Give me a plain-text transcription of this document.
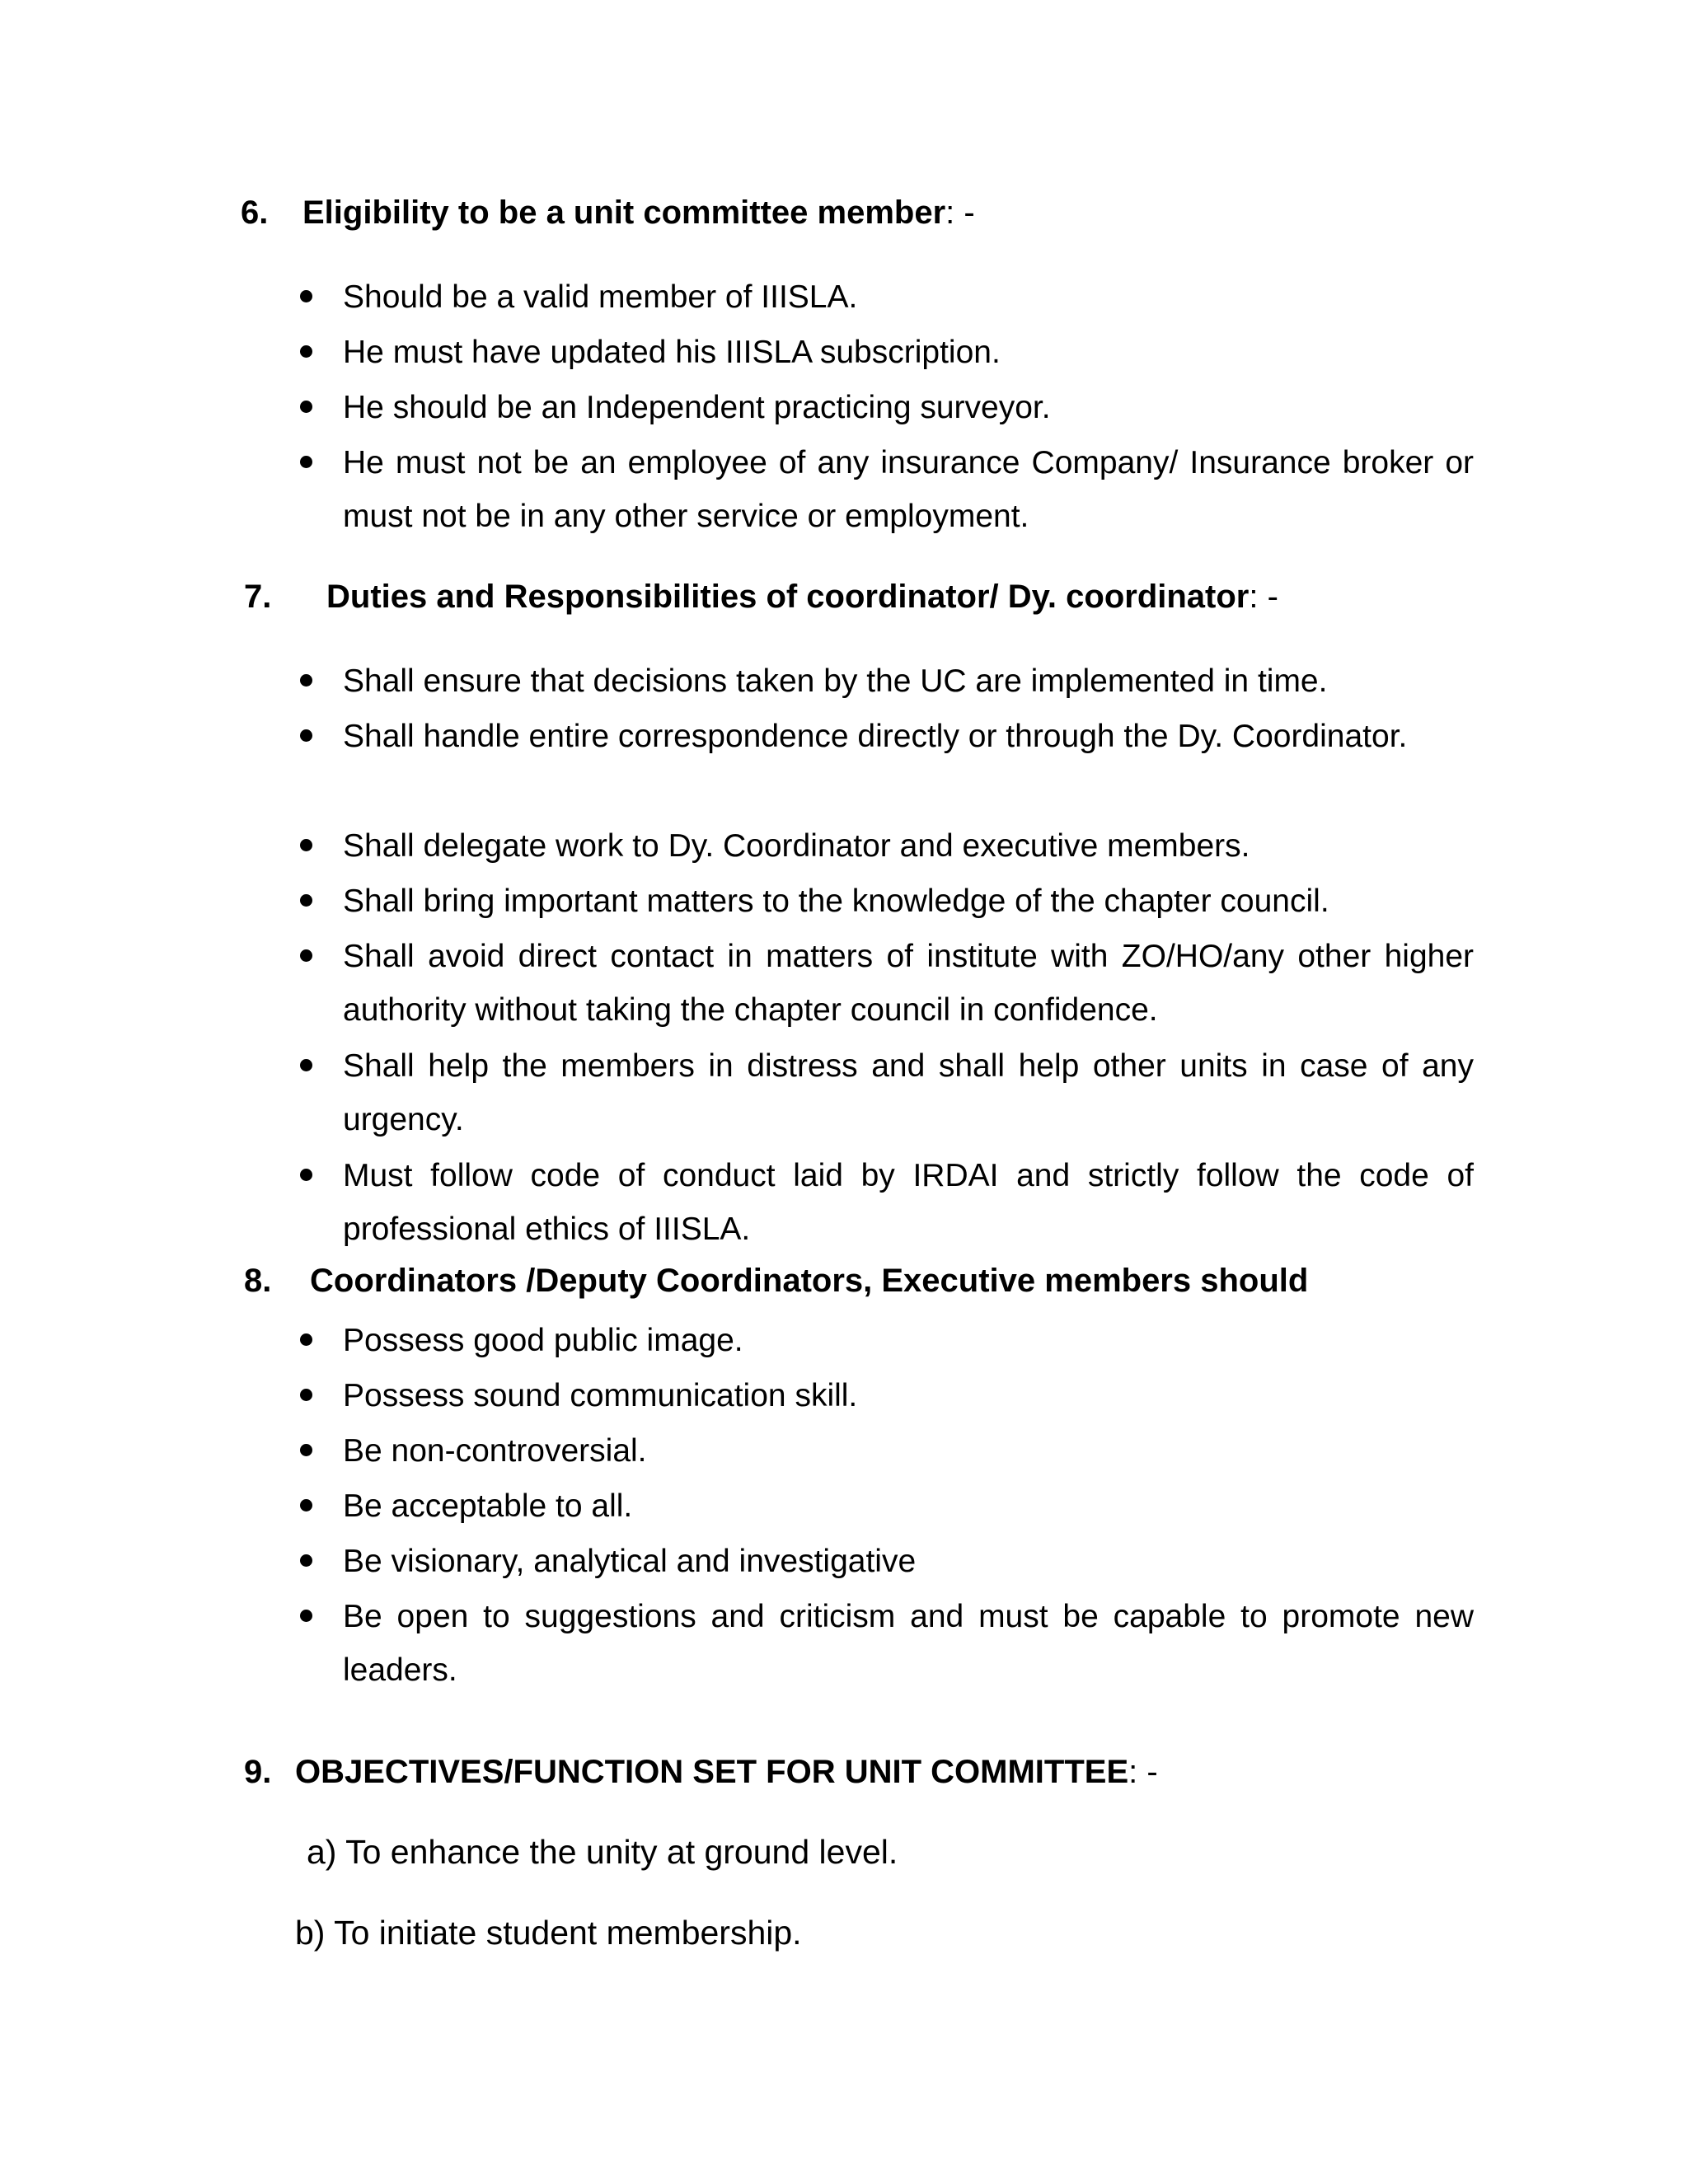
6. Eligibility to be a unit committee member: -
Should be a valid member of IIISLA.
He must have updated his IIISLA subscription.
He should be an Independent practicing surveyor.
He must not be an employee of any insurance Company/ Insurance broker or must not be in any other service or employment.
7. Duties and Responsibilities of coordinator/ Dy. coordinator: -
Shall ensure that decisions taken by the UC are implemented in time.
Shall handle entire correspondence directly or through the Dy. Coordinator.
Shall delegate work to Dy. Coordinator and executive members.
Shall bring important matters to the knowledge of the chapter council.
Shall avoid direct contact in matters of institute with ZO/HO/any other higher authority without taking the chapter council in confidence.
Shall help the members in distress and shall help other units in case of any urgency.
Must follow code of conduct laid by IRDAI and strictly follow the code of professional ethics of IIISLA.
8. Coordinators /Deputy Coordinators, Executive members should
Possess good public image.
Possess sound communication skill.
Be non-controversial.
Be acceptable to all.
Be visionary, analytical and investigative
Be open to suggestions and criticism and must be capable to promote new leaders.
9. OBJECTIVES/FUNCTION SET FOR UNIT COMMITTEE: -
a) To enhance the unity at ground level.
b) To initiate student membership.
